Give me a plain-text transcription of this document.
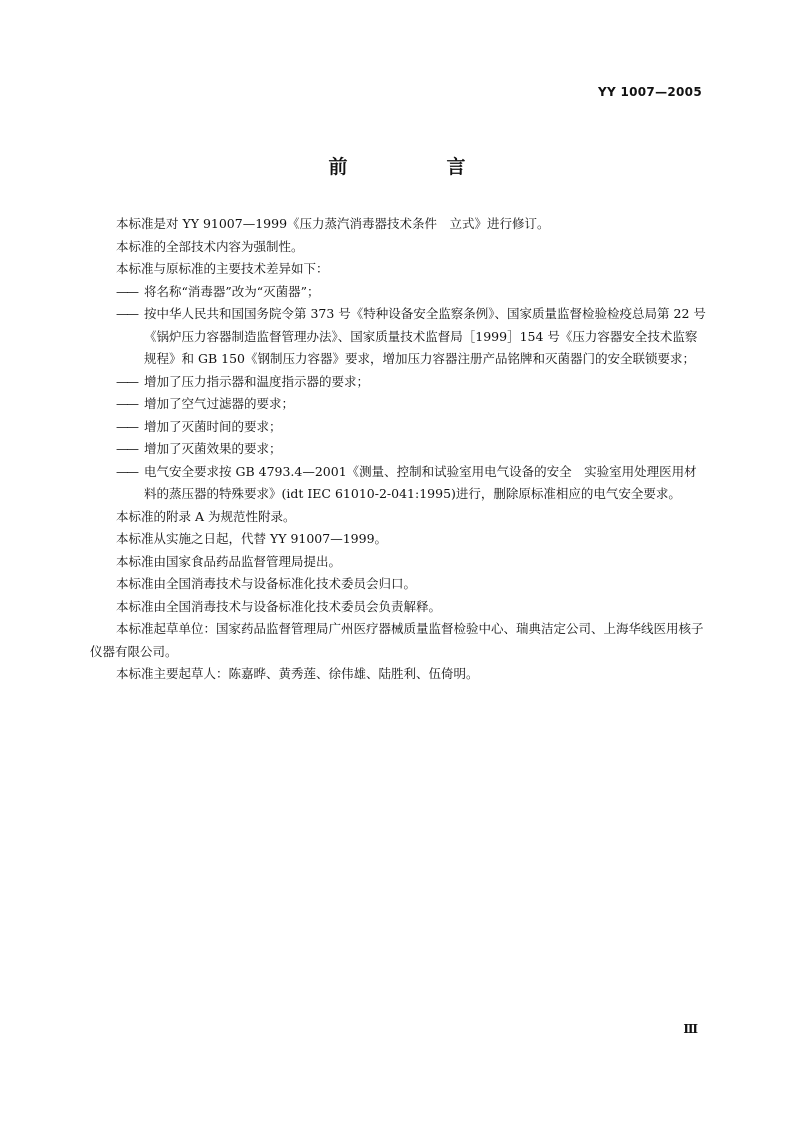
YY 1007—2005
前　言

本标准是对 YY 91007—1999《压力蒸汽消毒器技术条件　立式》进行修订。

本标准的全部技术内容为强制性。

本标准与原标准的主要技术差异如下：

—— 将名称“消毒器”改为“灭菌器”；
—— 按中华人民共和国国务院令第 373 号《特种设备安全监察条例》、国家质量监督检验检疫总局第 22 号《锅炉压力容器制造监督管理办法》、国家质量技术监督局［1999］154 号《压力容器安全技术监察规程》和 GB 150《钢制压力容器》要求，增加压力容器注册产品铭牌和灭菌器门的安全联锁要求；
—— 增加了压力指示器和温度指示器的要求；
—— 增加了空气过滤器的要求；
—— 增加了灭菌时间的要求；
—— 增加了灭菌效果的要求；
—— 电气安全要求按 GB 4793.4—2001《测量、控制和试验室用电气设备的安全　实验室用处理医用材料的蒸压器的特殊要求》(idt IEC 61010-2-041:1995)进行，删除原标准相应的电气安全要求。

本标准的附录 A 为规范性附录。

本标准从实施之日起，代替 YY 91007—1999。

本标准由国家食品药品监督管理局提出。

本标准由全国消毒技术与设备标准化技术委员会归口。

本标准由全国消毒技术与设备标准化技术委员会负责解释。

本标准起草单位：国家药品监督管理局广州医疗器械质量监督检验中心、瑞典洁定公司、上海华线医用核子仪器有限公司。

本标准主要起草人：陈嘉晔、黄秀莲、徐伟雄、陆胜利、伍倚明。

Ⅲ
